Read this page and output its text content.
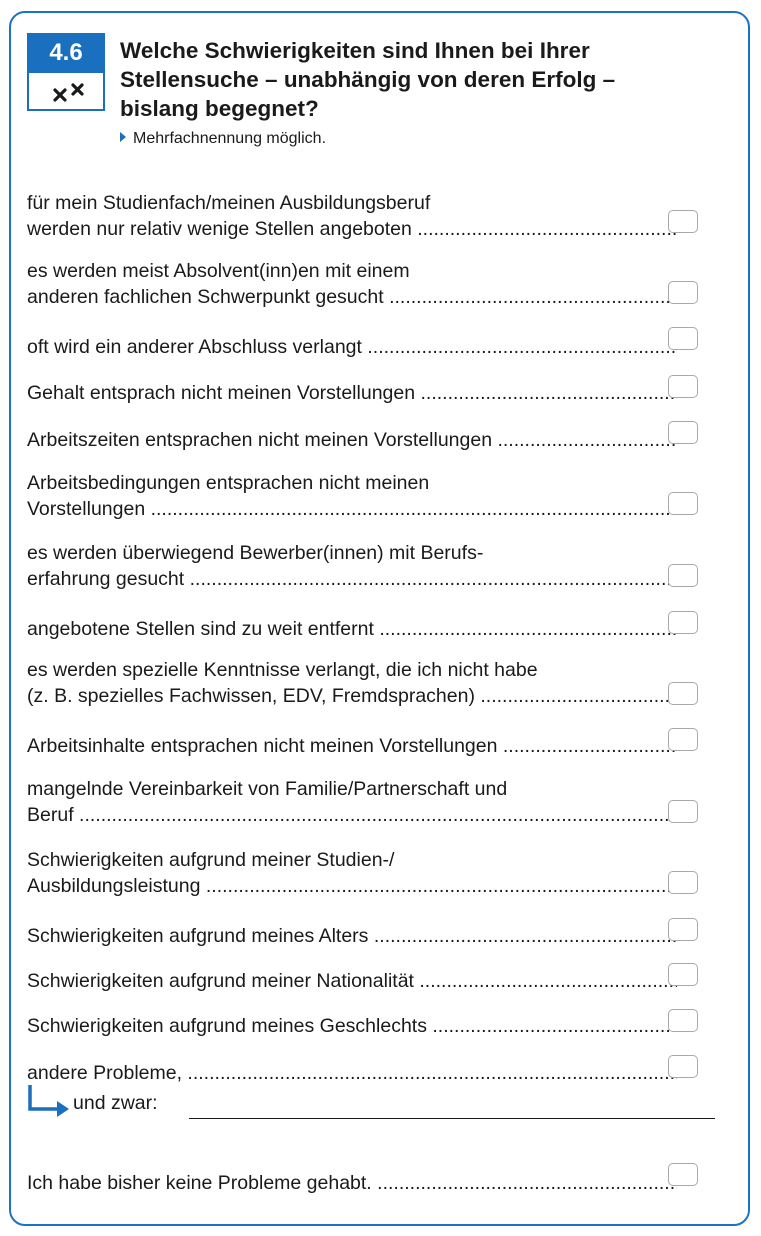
4.6	Welche Schwierigkeiten sind Ihnen bei Ihrer
Stellensuche – unabhängig von deren Erfolg –
bislang begegnet?
Mehrfachnennung möglich.
für mein Studienfach/meinen Ausbildungsberuf
werden nur relativ wenige Stellen angeboten .....
es werden meist Absolvent(inn)en mit einem
anderen fachlichen Schwerpunkt gesucht .....
oft wird ein anderer Abschluss verlangt .....
Gehalt entsprach nicht meinen Vorstellungen .....
Arbeitszeiten entsprachen nicht meinen Vorstellungen .....
Arbeitsbedingungen entsprachen nicht meinen
Vorstellungen .....
es werden überwiegend Bewerber(innen) mit Berufs-
erfahrung gesucht .....
angebotene Stellen sind zu weit entfernt .....
es werden spezielle Kenntnisse verlangt, die ich nicht habe
(z. B. spezielles Fachwissen, EDV, Fremdsprachen) .....
Arbeitsinhalte entsprachen nicht meinen Vorstellungen .....
mangelnde Vereinbarkeit von Familie/Partnerschaft und
Beruf .....
Schwierigkeiten aufgrund meiner Studien-/
Ausbildungsleistung .....
Schwierigkeiten aufgrund meines Alters .....
Schwierigkeiten aufgrund meiner Nationalität .....
Schwierigkeiten aufgrund meines Geschlechts .....
andere Probleme, .....
und zwar:
Ich habe bisher keine Probleme gehabt. .....
